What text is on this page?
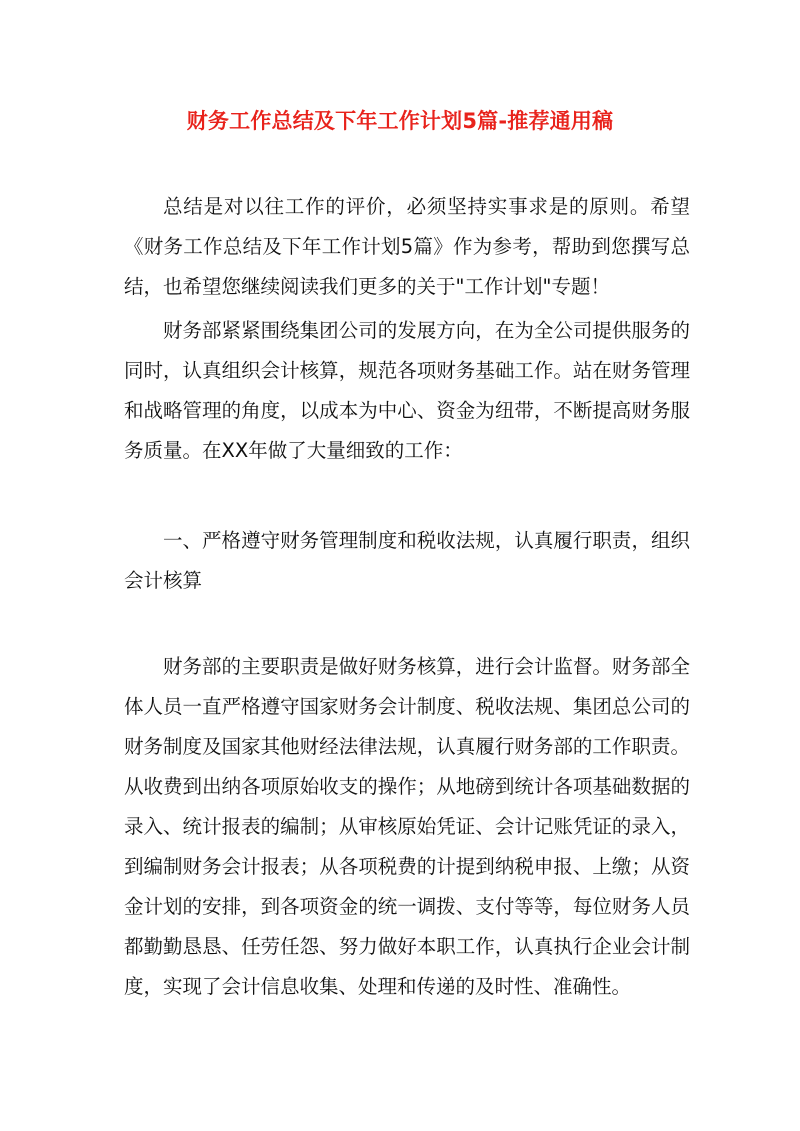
财务工作总结及下年工作计划5篇-推荐通用稿

总结是对以往工作的评价，必须坚持实事求是的原则。希望《财务工作总结及下年工作计划5篇》作为参考，帮助到您撰写总结，也希望您继续阅读我们更多的关于"工作计划"专题！

财务部紧紧围绕集团公司的发展方向，在为全公司提供服务的同时，认真组织会计核算，规范各项财务基础工作。站在财务管理和战略管理的角度，以成本为中心、资金为纽带，不断提高财务服务质量。在XX年做了大量细致的工作：

一、严格遵守财务管理制度和税收法规，认真履行职责，组织会计核算

财务部的主要职责是做好财务核算，进行会计监督。财务部全体人员一直严格遵守国家财务会计制度、税收法规、集团总公司的财务制度及国家其他财经法律法规，认真履行财务部的工作职责。从收费到出纳各项原始收支的操作；从地磅到统计各项基础数据的录入、统计报表的编制；从审核原始凭证、会计记账凭证的录入，到编制财务会计报表；从各项税费的计提到纳税申报、上缴；从资金计划的安排，到各项资金的统一调拨、支付等等，每位财务人员都勤勤恳恳、任劳任怨、努力做好本职工作，认真执行企业会计制度，实现了会计信息收集、处理和传递的及时性、准确性。
